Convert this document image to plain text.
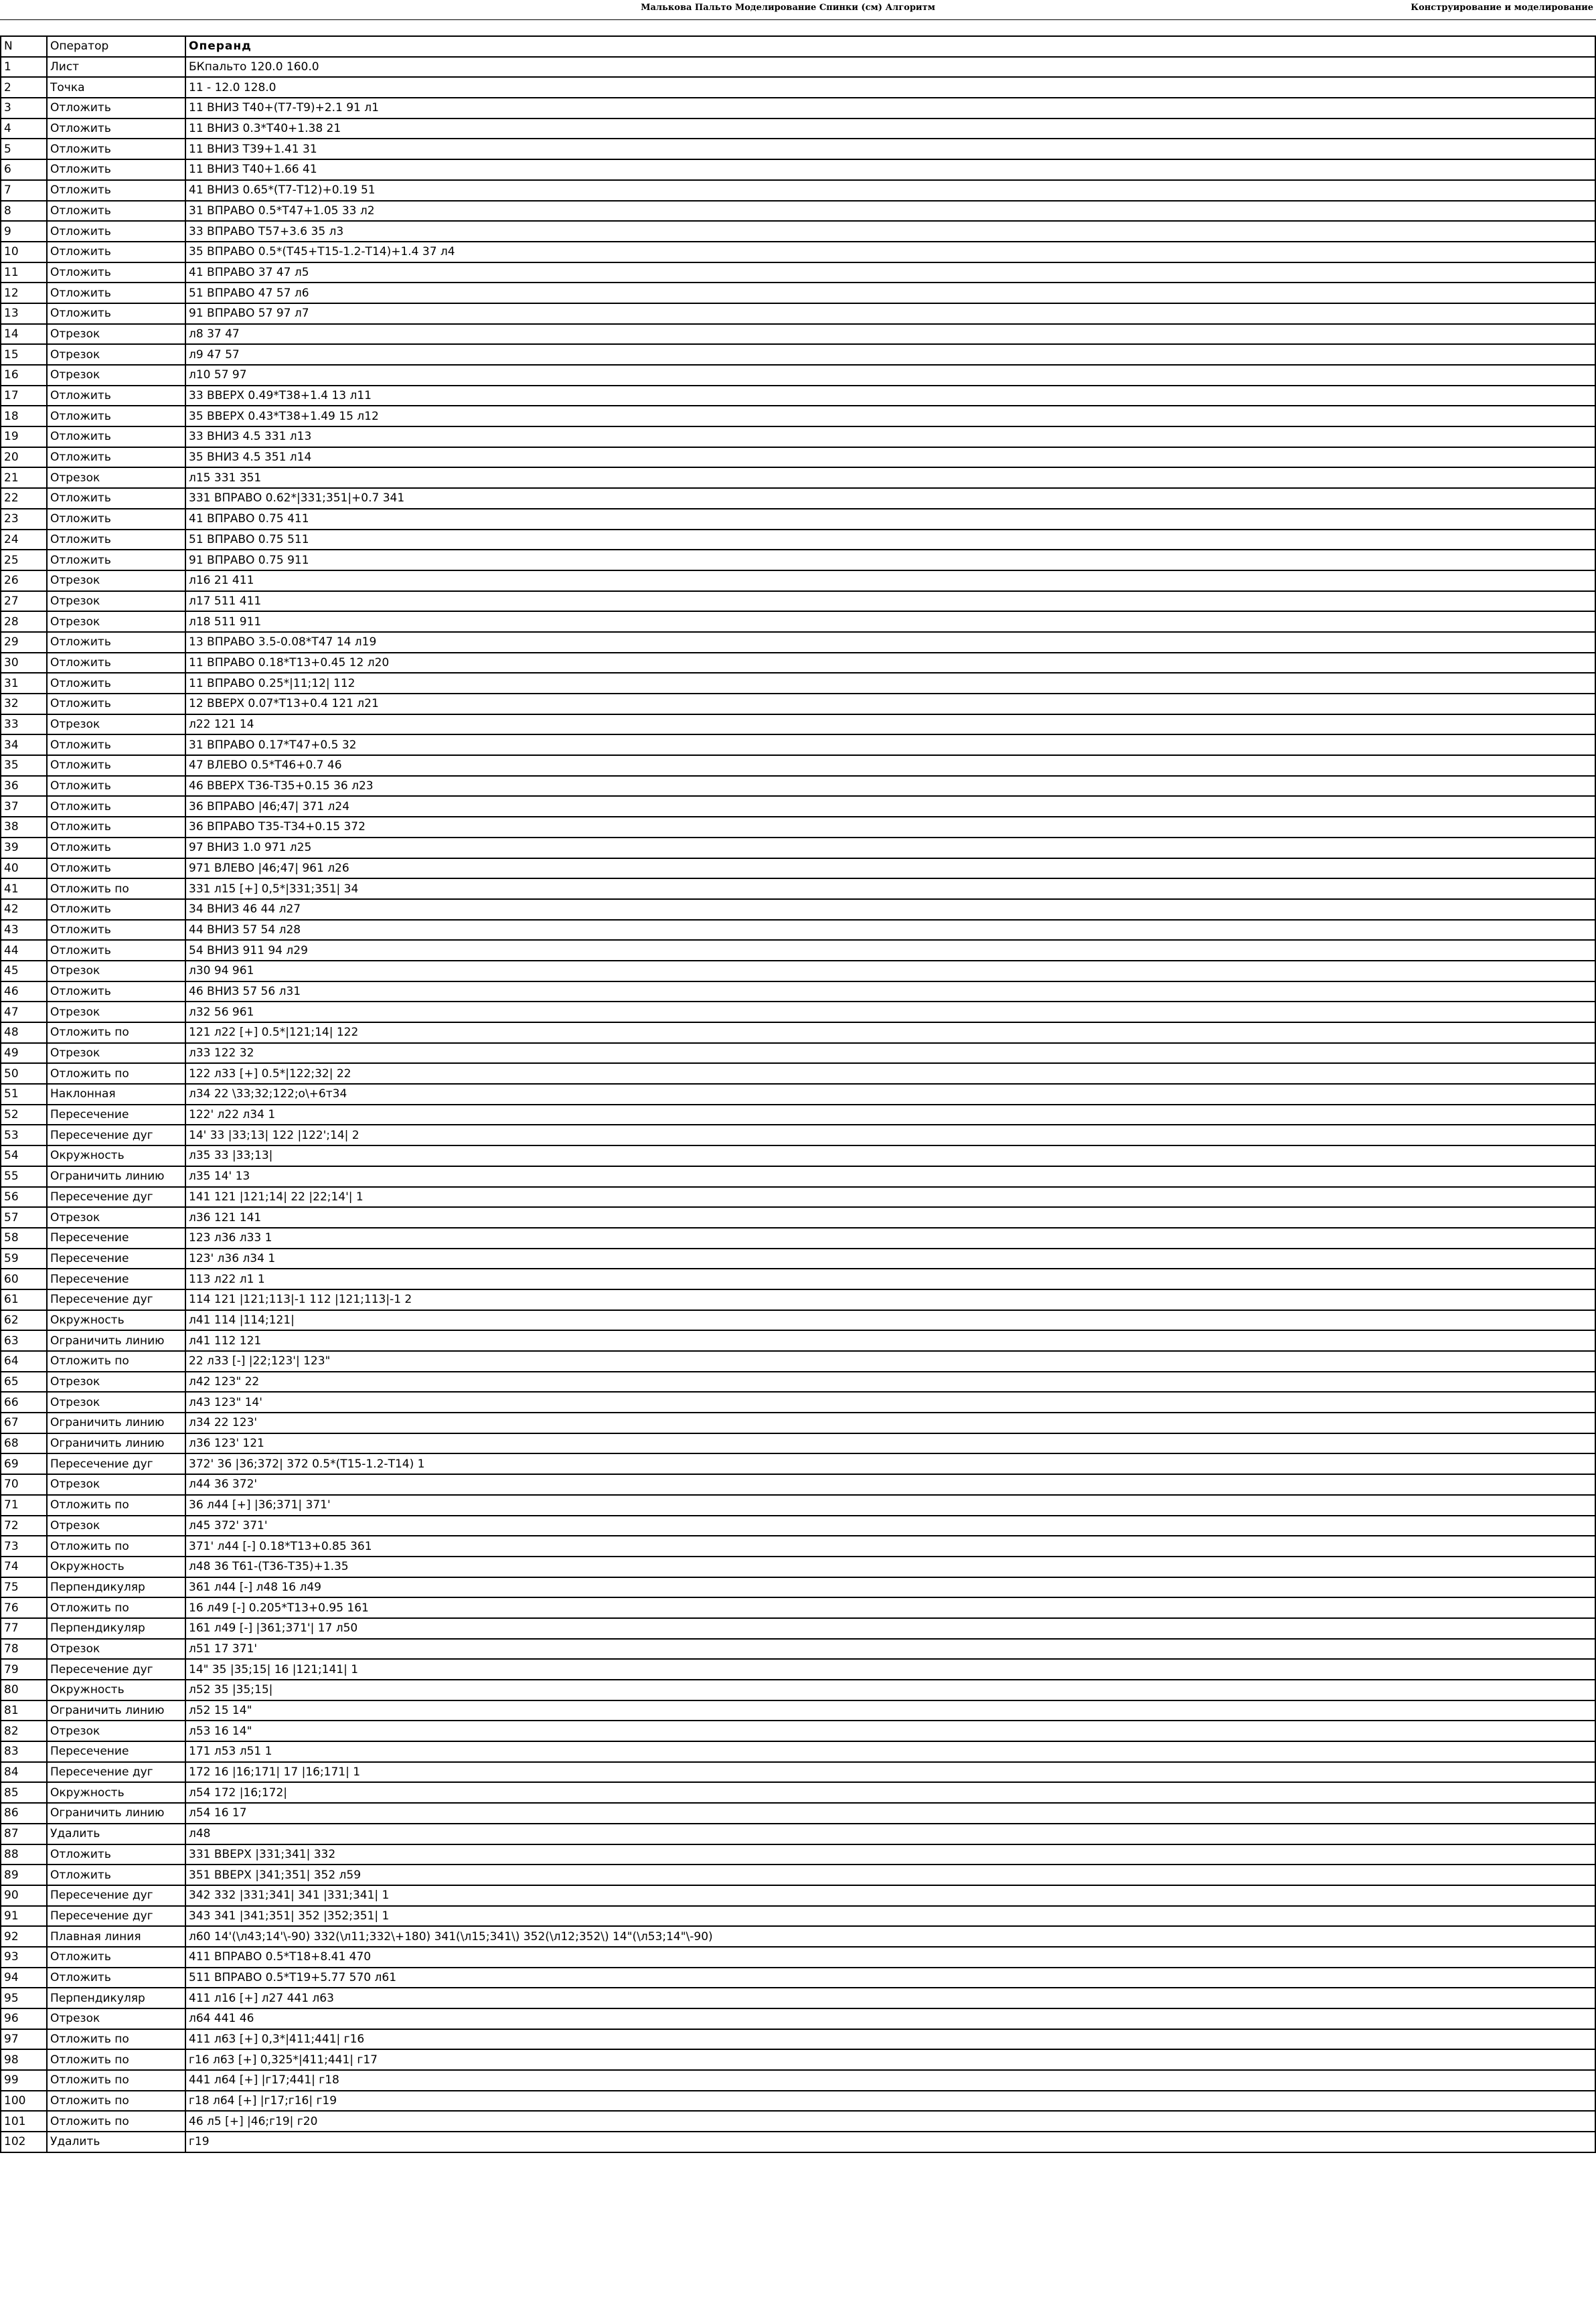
Малькова Пальто Моделирование Спинки (см) Алгоритм	Конструирование и моделирование
N	Оператор	Операнд
1	Лист	БКпальто 120.0 160.0
2	Точка	11 - 12.0 128.0
3	Отложить	11 ВНИЗ Т40+(Т7-Т9)+2.1 91 л1
4	Отложить	11 ВНИЗ 0.3*Т40+1.38 21
5	Отложить	11 ВНИЗ Т39+1.41 31
6	Отложить	11 ВНИЗ Т40+1.66 41
7	Отложить	41 ВНИЗ 0.65*(Т7-Т12)+0.19 51
8	Отложить	31 ВПРАВО 0.5*Т47+1.05 33 л2
9	Отложить	33 ВПРАВО Т57+3.6 35 л3
10	Отложить	35 ВПРАВО 0.5*(Т45+Т15-1.2-Т14)+1.4 37 л4
11	Отложить	41 ВПРАВО 37 47 л5
12	Отложить	51 ВПРАВО 47 57 л6
13	Отложить	91 ВПРАВО 57 97 л7
14	Отрезок	л8 37 47
15	Отрезок	л9 47 57
16	Отрезок	л10 57 97
17	Отложить	33 ВВЕРХ 0.49*Т38+1.4 13 л11
18	Отложить	35 ВВЕРХ 0.43*Т38+1.49 15 л12
19	Отложить	33 ВНИЗ 4.5 331 л13
20	Отложить	35 ВНИЗ 4.5 351 л14
21	Отрезок	л15 331 351
22	Отложить	331 ВПРАВО 0.62*|331;351|+0.7 341
23	Отложить	41 ВПРАВО 0.75 411
24	Отложить	51 ВПРАВО 0.75 511
25	Отложить	91 ВПРАВО 0.75 911
26	Отрезок	л16 21 411
27	Отрезок	л17 511 411
28	Отрезок	л18 511 911
29	Отложить	13 ВПРАВО 3.5-0.08*Т47 14 л19
30	Отложить	11 ВПРАВО 0.18*Т13+0.45 12 л20
31	Отложить	11 ВПРАВО 0.25*|11;12| 112
32	Отложить	12 ВВЕРХ 0.07*Т13+0.4 121 л21
33	Отрезок	л22 121 14
34	Отложить	31 ВПРАВО 0.17*Т47+0.5 32
35	Отложить	47 ВЛЕВО 0.5*Т46+0.7 46
36	Отложить	46 ВВЕРХ Т36-Т35+0.15 36 л23
37	Отложить	36 ВПРАВО |46;47| 371 л24
38	Отложить	36 ВПРАВО Т35-Т34+0.15 372
39	Отложить	97 ВНИЗ 1.0 971 л25
40	Отложить	971 ВЛЕВО |46;47| 961 л26
41	Отложить по	331 л15 [+] 0,5*|331;351| 34
42	Отложить	34 ВНИЗ 46 44 л27
43	Отложить	44 ВНИЗ 57 54 л28
44	Отложить	54 ВНИЗ 911 94 л29
45	Отрезок	л30 94 961
46	Отложить	46 ВНИЗ 57 56 л31
47	Отрезок	л32 56 961
48	Отложить по	121 л22 [+] 0.5*|121;14| 122
49	Отрезок	л33 122 32
50	Отложить по	122 л33 [+] 0.5*|122;32| 22
51	Наклонная	л34 22 \33;32;122;о\+6т34
52	Пересечение	122' л22 л34 1
53	Пересечение дуг	14' 33 |33;13| 122 |122';14| 2
54	Окружность	л35 33 |33;13|
55	Ограничить линию	л35 14' 13
56	Пересечение дуг	141 121 |121;14| 22 |22;14'| 1
57	Отрезок	л36 121 141
58	Пересечение	123 л36 л33 1
59	Пересечение	123' л36 л34 1
60	Пересечение	113 л22 л1 1
61	Пересечение дуг	114 121 |121;113|-1 112 |121;113|-1 2
62	Окружность	л41 114 |114;121|
63	Ограничить линию	л41 112 121
64	Отложить по	22 л33 [-] |22;123'| 123"
65	Отрезок	л42 123" 22
66	Отрезок	л43 123" 14'
67	Ограничить линию	л34 22 123'
68	Ограничить линию	л36 123' 121
69	Пересечение дуг	372' 36 |36;372| 372 0.5*(Т15-1.2-Т14) 1
70	Отрезок	л44 36 372'
71	Отложить по	36 л44 [+] |36;371| 371'
72	Отрезок	л45 372' 371'
73	Отложить по	371' л44 [-] 0.18*Т13+0.85 361
74	Окружность	л48 36 Т61-(Т36-Т35)+1.35
75	Перпендикуляр	361 л44 [-] л48 16 л49
76	Отложить по	16 л49 [-] 0.205*Т13+0.95 161
77	Перпендикуляр	161 л49 [-] |361;371'| 17 л50
78	Отрезок	л51 17 371'
79	Пересечение дуг	14" 35 |35;15| 16 |121;141| 1
80	Окружность	л52 35 |35;15|
81	Ограничить линию	л52 15 14"
82	Отрезок	л53 16 14"
83	Пересечение	171 л53 л51 1
84	Пересечение дуг	172 16 |16;171| 17 |16;171| 1
85	Окружность	л54 172 |16;172|
86	Ограничить линию	л54 16 17
87	Удалить	л48
88	Отложить	331 ВВЕРХ |331;341| 332
89	Отложить	351 ВВЕРХ |341;351| 352 л59
90	Пересечение дуг	342 332 |331;341| 341 |331;341| 1
91	Пересечение дуг	343 341 |341;351| 352 |352;351| 1
92	Плавная линия	л60 14'(\л43;14'\-90) 332(\л11;332\+180) 341(\л15;341\) 352(\л12;352\) 14"(\л53;14"\-90)
93	Отложить	411 ВПРАВО 0.5*Т18+8.41 470
94	Отложить	511 ВПРАВО 0.5*Т19+5.77 570 л61
95	Перпендикуляр	411 л16 [+] л27 441 л63
96	Отрезок	л64 441 46
97	Отложить по	411 л63 [+] 0,3*|411;441| г16
98	Отложить по	г16 л63 [+] 0,325*|411;441| г17
99	Отложить по	441 л64 [+] |г17;441| г18
100	Отложить по	г18 л64 [+] |г17;г16| г19
101	Отложить по	46 л5 [+] |46;г19| г20
102	Удалить	г19
